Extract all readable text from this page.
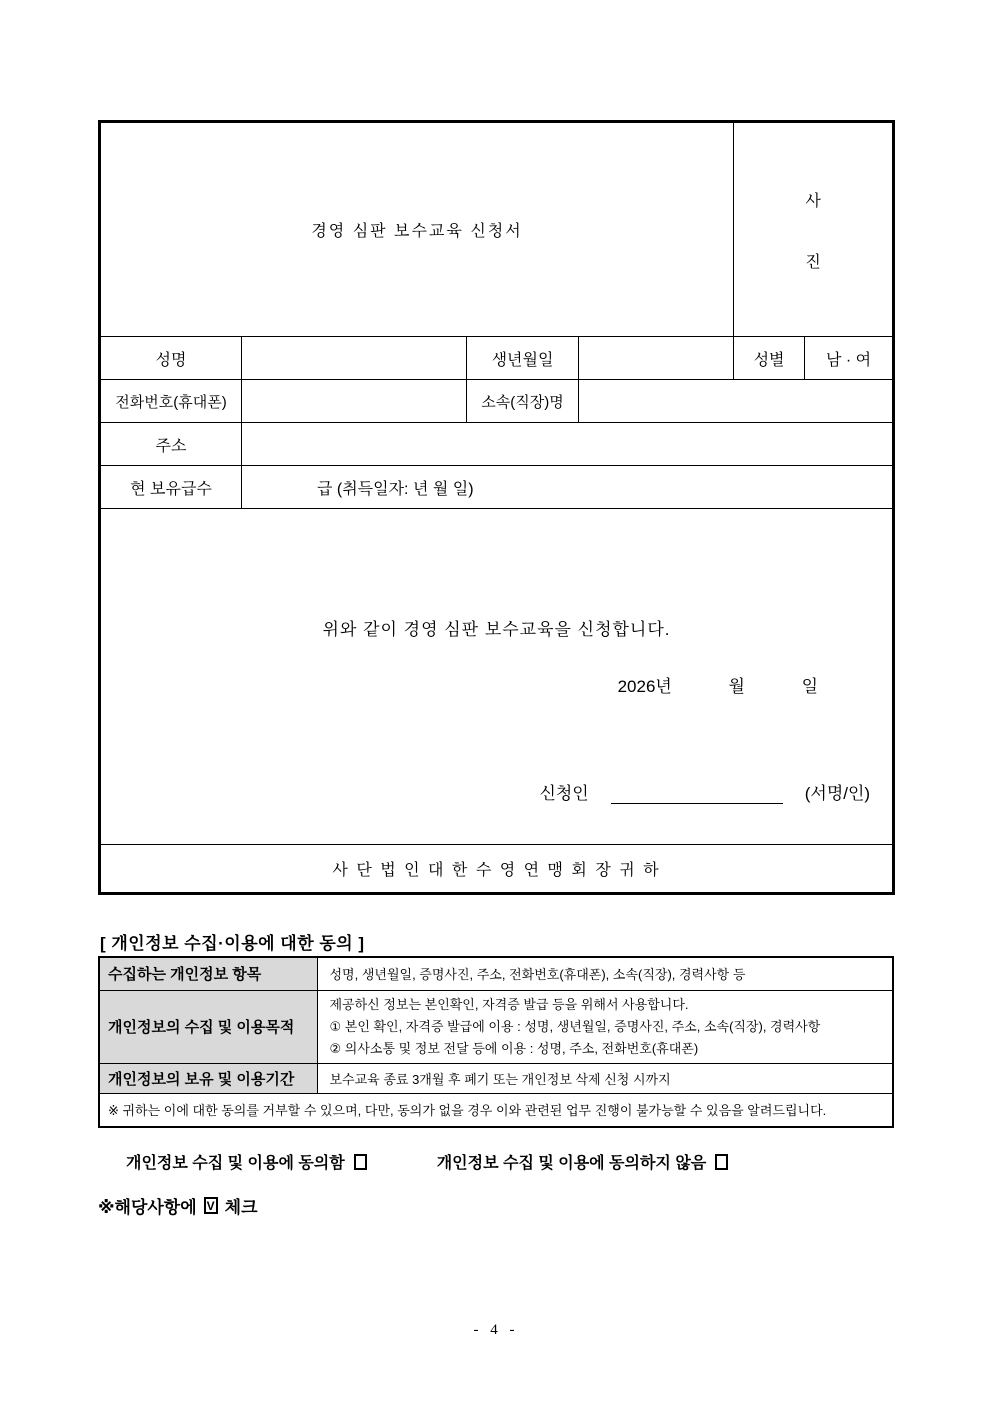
경영 심판 보수교육 신청서				사
진	

성명		생년월일		성별	남 · 여
전화번호(휴대폰)		소속(직장)명			
주소					
현 보유급수	급 (취득일자: 년 월 일)				

위와 같이 경영 심판 보수교육을 신청합니다.
2026년            월            일
신청인 (서명/인)					

사 단 법 인 대 한 수 영 연 맹 회 장 귀 하					
[ 개인정보 수집·이용에 대한 동의 ]
수집하는 개인정보 항목	성명, 생년월일, 증명사진, 주소, 전화번호(휴대폰), 소속(직장), 경력사항 등
개인정보의 수집 및 이용목적	제공하신 정보는 본인확인, 자격증 발급 등을 위해서 사용합니다.
① 본인 확인, 자격증 발급에 이용 : 성명, 생년월일, 증명사진, 주소, 소속(직장), 경력사항
② 의사소통 및 정보 전달 등에 이용 : 성명, 주소, 전화번호(휴대폰)

개인정보의 보유 및 이용기간	보수교육 종료 3개월 후 폐기 또는 개인정보 삭제 신청 시까지
※ 귀하는 이에 대한 동의를 거부할 수 있으며, 다만, 동의가 없을 경우 이와 관련된 업무 진행이 불가능할 수 있음을 알려드립니다.	
개인정보 수집 및 이용에 동의함	개인정보 수집 및 이용에 동의하지 않음
※해당사항에 V 체크
- 4 -
